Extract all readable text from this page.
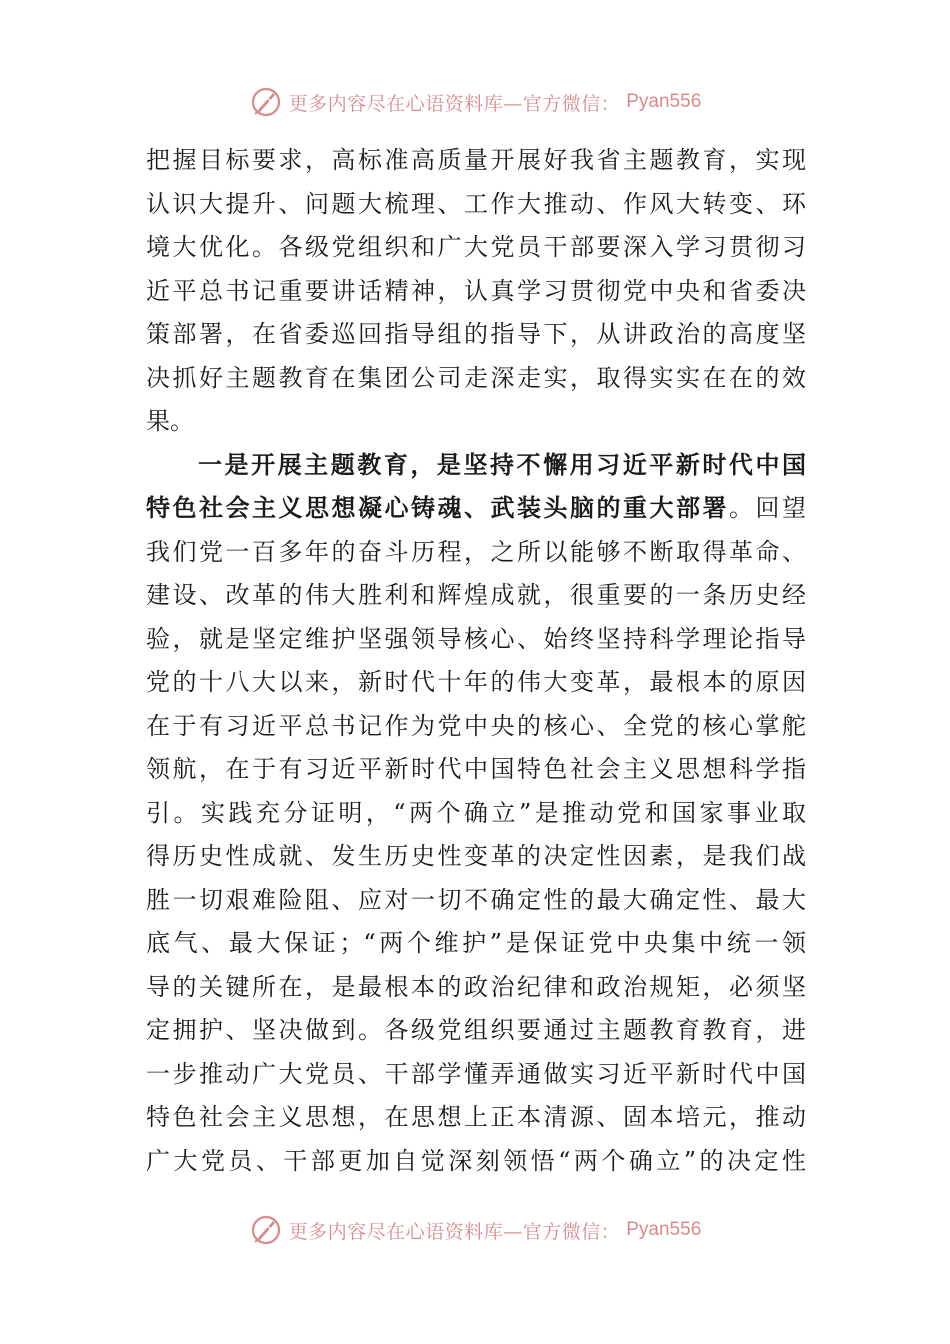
更多内容尽在心语资料库—官方微信： Pyan556
把握目标要求，高标准高质量开展好我省主题教育，实现
认识大提升、问题大梳理、工作大推动、作风大转变、环
境大优化。各级党组织和广大党员干部要深入学习贯彻习
近平总书记重要讲话精神，认真学习贯彻党中央和省委决
策部署，在省委巡回指导组的指导下，从讲政治的高度坚
决抓好主题教育在集团公司走深走实，取得实实在在的效
果。
一是开展主题教育，是坚持不懈用习近平新时代中国
特色社会主义思想凝心铸魂、武装头脑的重大部署。回望
我们党一百多年的奋斗历程，之所以能够不断取得革命、
建设、改革的伟大胜利和辉煌成就，很重要的一条历史经
验，就是坚定维护坚强领导核心、始终坚持科学理论指导
党的十八大以来，新时代十年的伟大变革，最根本的原因
在于有习近平总书记作为党中央的核心、全党的核心掌舵
领航，在于有习近平新时代中国特色社会主义思想科学指
引。实践充分证明，“两个确立”是推动党和国家事业取
得历史性成就、发生历史性变革的决定性因素，是我们战
胜一切艰难险阻、应对一切不确定性的最大确定性、最大
底气、最大保证；“两个维护”是保证党中央集中统一领
导的关键所在，是最根本的政治纪律和政治规矩，必须坚
定拥护、坚决做到。各级党组织要通过主题教育教育，进
一步推动广大党员、干部学懂弄通做实习近平新时代中国
特色社会主义思想，在思想上正本清源、固本培元，推动
广大党员、干部更加自觉深刻领悟“两个确立”的决定性
更多内容尽在心语资料库—官方微信： Pyan556
